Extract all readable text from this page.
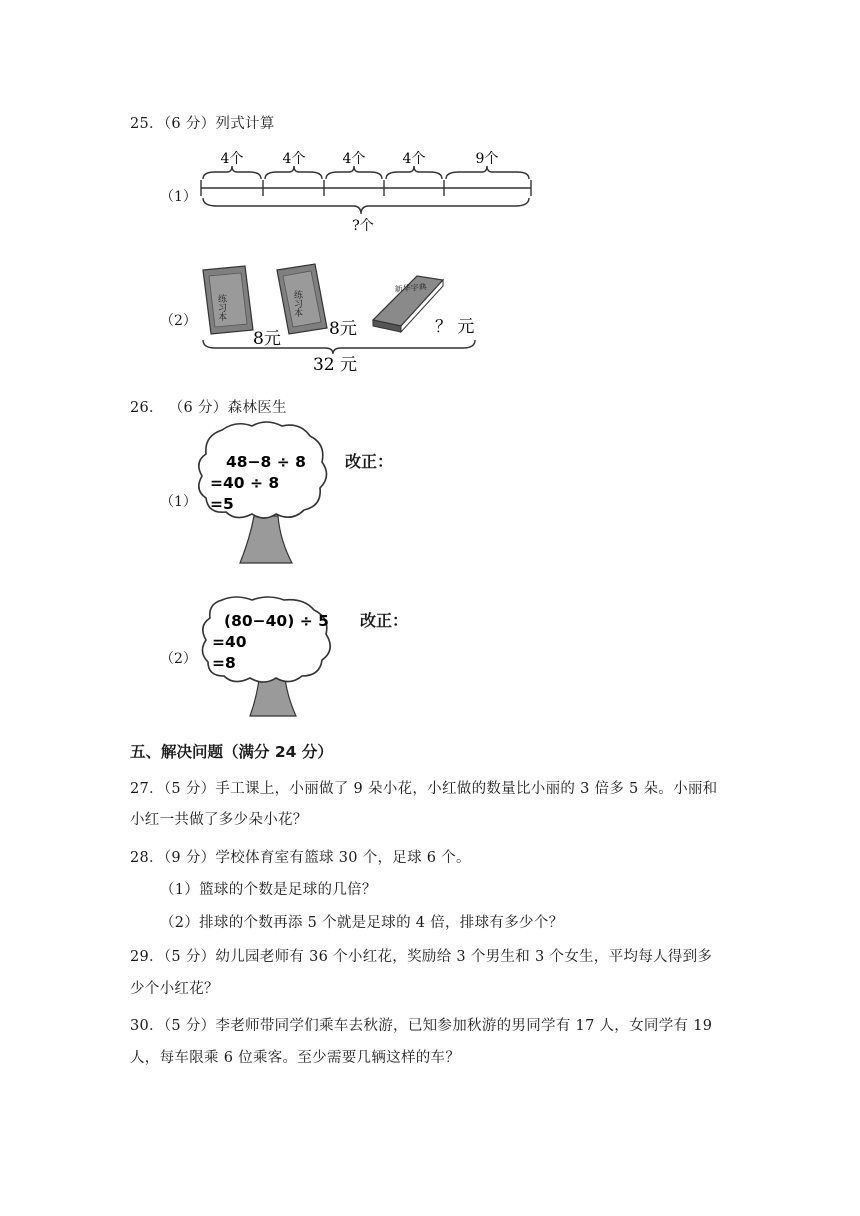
25．（6 分）列式计算
（1）
4个	4个	4个	4个	9个
?个
（2） 练习本
8元
练习本
8元
新华字典
？ 元
32 元
26． （6 分）森林医生
（1）
48−8 ÷ 8
=40 ÷ 8
=5
改正：
（2）
(80−40) ÷ 5
=40
=8
改正：
五、解决问题（满分 24 分）
27．（5 分）手工课上，小丽做了 9 朵小花，小红做的数量比小丽的 3 倍多 5 朵。小丽和
小红一共做了多少朵小花？
28．（9 分）学校体育室有篮球 30 个，足球 6 个。
（1）篮球的个数是足球的几倍？
（2）排球的个数再添 5 个就是足球的 4 倍，排球有多少个？
29．（5 分）幼儿园老师有 36 个小红花，奖励给 3 个男生和 3 个女生，平均每人得到多
少个小红花？
30．（5 分）李老师带同学们乘车去秋游，已知参加秋游的男同学有 17 人，女同学有 19
人，每车限乘 6 位乘客。至少需要几辆这样的车？
